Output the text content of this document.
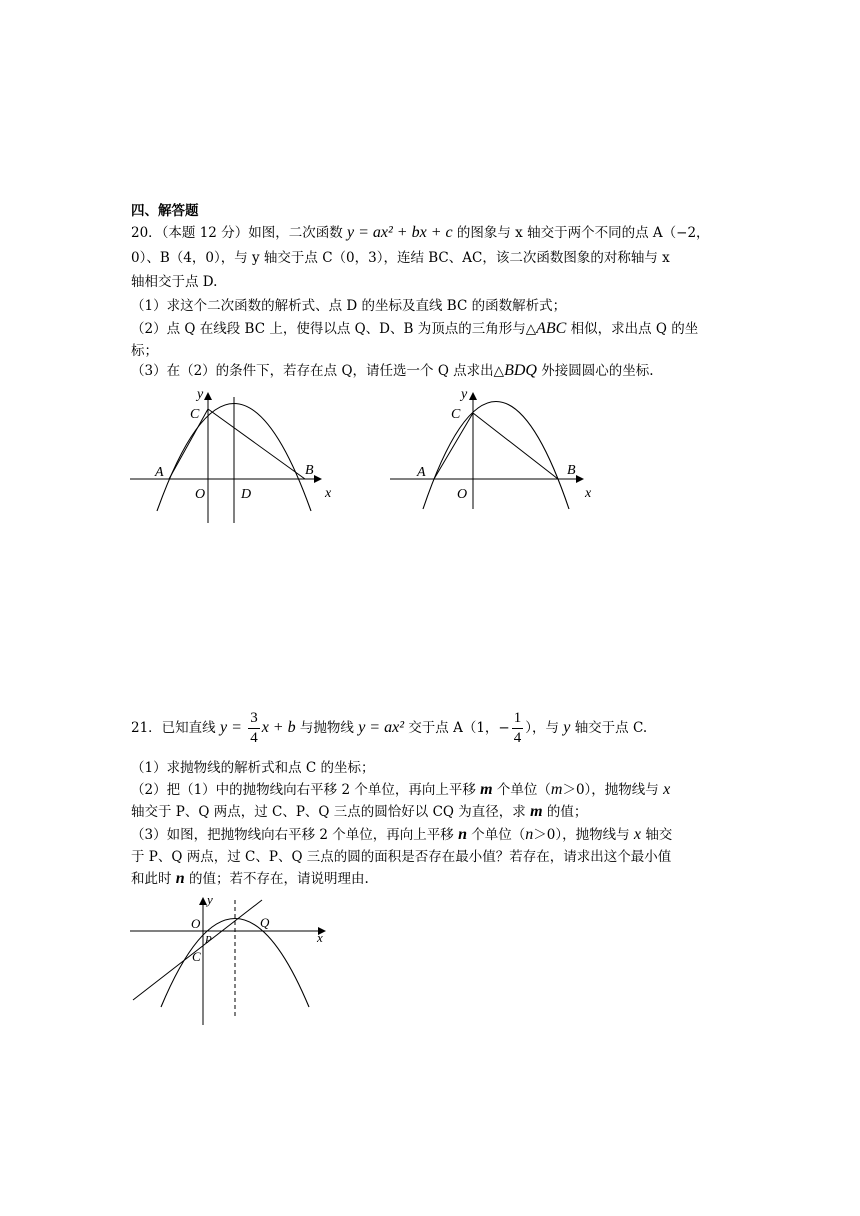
四、解答题
20．（本题 12 分）如图，二次函数 y = ax² + bx + c 的图象与 x 轴交于两个不同的点 A（−2，
0）、B（4，0），与 y 轴交于点 C（0，3），连结 BC、AC，该二次函数图象的对称轴与 x
轴相交于点 D.
（1）求这个二次函数的解析式、点 D 的坐标及直线 BC 的函数解析式；
（2）点 Q 在线段 BC 上，使得以点 Q、D、B 为顶点的三角形与△ABC 相似，求出点 Q 的坐
标；
（3）在（2）的条件下，若存在点 Q，请任选一个 Q 点求出△BDQ 外接圆圆心的坐标.
y
C
A
O	D
B
x
y
C
A
O
B
x
21．已知直线 $y = \frac{3}{4}$ x + b 与抛物线 y = ax² 交于点 A（1，− $\frac{1}{4}$ ），与 y 轴交于点 C.
（1）求抛物线的解析式和点 C 的坐标；
（2）把（1）中的抛物线向右平移 2 个单位，再向上平移 m 个单位（m＞0），抛物线与 x
轴交于 P、Q 两点，过 C、P、Q 三点的圆恰好以 CQ 为直径，求 m 的值；
（3）如图，把抛物线向右平移 2 个单位，再向上平移 n 个单位（n＞0），抛物线与 x 轴交
于 P、Q 两点，过 C、P、Q 三点的圆的面积是否存在最小值？若存在，请求出这个最小值
和此时 n 的值；若不存在，请说明理由.
y
O
P
Q
C
x
